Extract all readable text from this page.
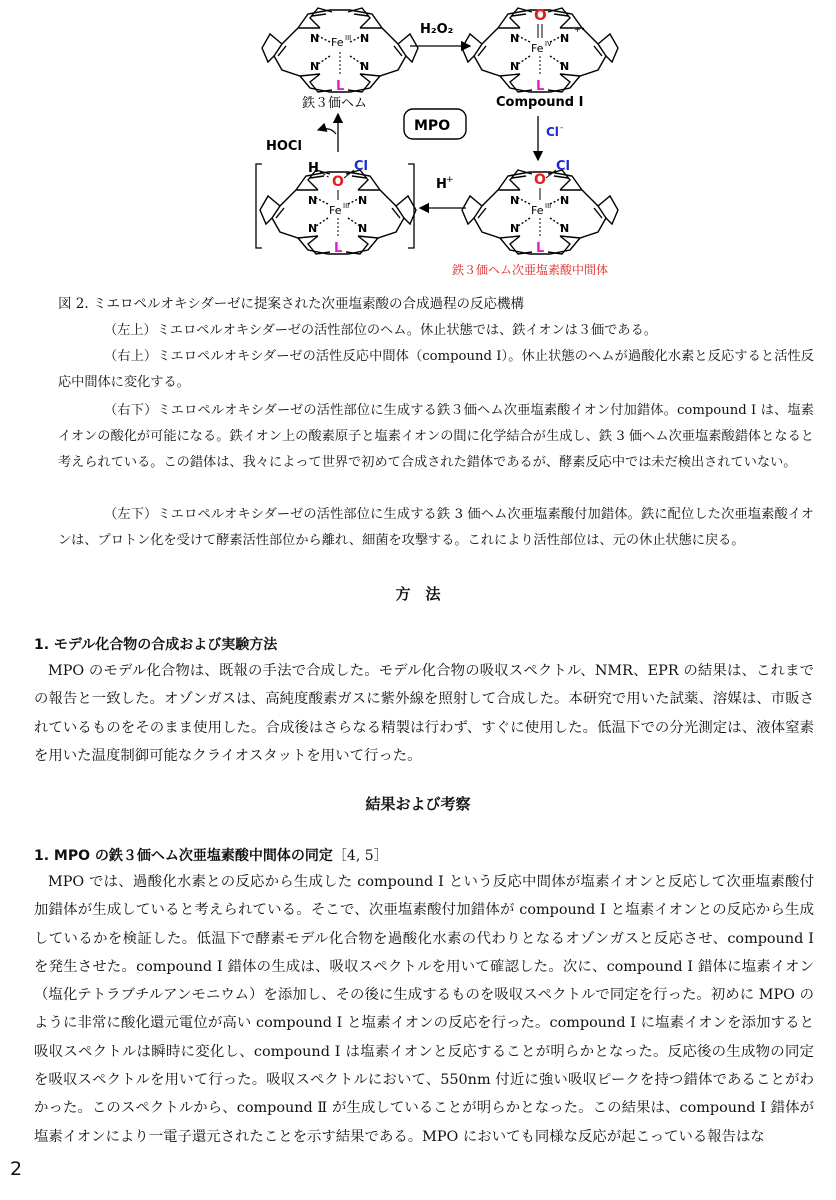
N	N
N	N
Fe III
L
鉄３価ヘム
H₂O₂
N	N
N	N
+•
O
Fe IV
L
Compound I
MPO	Cl -
N	N
N	N
O
Cl
Fe III
L
鉄３価ヘム次亜塩素酸中間体
H +
N	N
N	N
H
O
Cl
Fe III
L
HOCl
図 2. ミエロペルオキシダーゼに提案された次亜塩素酸の合成過程の反応機構
（左上）ミエロペルオキシダーゼの活性部位のヘム。休止状態では、鉄イオンは３価である。
（右上）ミエロペルオキシダーゼの活性反応中間体（compound Ⅰ）。休止状態のヘムが過酸化水素と反応すると活性反応中間体に変化する。
（右下）ミエロペルオキシダーゼの活性部位に生成する鉄３価ヘム次亜塩素酸イオン付加錯体。compound Ⅰ は、塩素イオンの酸化が可能になる。鉄イオン上の酸素原子と塩素イオンの間に化学結合が生成し、鉄 3 価ヘム次亜塩素酸錯体となると考えられている。この錯体は、我々によって世界で初めて合成された錯体であるが、酵素反応中では未だ検出されていない。
（左下）ミエロペルオキシダーゼの活性部位に生成する鉄 3 価ヘム次亜塩素酸付加錯体。鉄に配位した次亜塩素酸イオンは、プロトン化を受けて酵素活性部位から離れ、細菌を攻撃する。これにより活性部位は、元の休止状態に戻る。
方　法
1. モデル化合物の合成および実験方法
MPO のモデル化合物は、既報の手法で合成した。モデル化合物の吸収スペクトル、NMR、EPR の結果は、これまでの報告と一致した。オゾンガスは、高純度酸素ガスに紫外線を照射して合成した。本研究で用いた試薬、溶媒は、市販されているものをそのまま使用した。合成後はさらなる精製は行わず、すぐに使用した。低温下での分光測定は、液体窒素を用いた温度制御可能なクライオスタットを用いて行った。
結果および考察
1. MPO の鉄３価ヘム次亜塩素酸中間体の同定［4, 5］
MPO では、過酸化水素との反応から生成した compound Ⅰ という反応中間体が塩素イオンと反応して次亜塩素酸付加錯体が生成していると考えられている。そこで、次亜塩素酸付加錯体が compound Ⅰ と塩素イオンとの反応から生成しているかを検証した。低温下で酵素モデル化合物を過酸化水素の代わりとなるオゾンガスと反応させ、compound Ⅰ を発生させた。compound Ⅰ 錯体の生成は、吸収スペクトルを用いて確認した。次に、compound Ⅰ 錯体に塩素イオン（塩化テトラブチルアンモニウム）を添加し、その後に生成するものを吸収スペクトルで同定を行った。初めに MPO のように非常に酸化還元電位が高い compound Ⅰ と塩素イオンの反応を行った。compound Ⅰ に塩素イオンを添加すると吸収スペクトルは瞬時に変化し、compound Ⅰ は塩素イオンと反応することが明らかとなった。反応後の生成物の同定を吸収スペクトルを用いて行った。吸収スペクトルにおいて、550nm 付近に強い吸収ピークを持つ錯体であることがわかった。このスペクトルから、compound Ⅱ が生成していることが明らかとなった。この結果は、compound Ⅰ 錯体が塩素イオンにより一電子還元されたことを示す結果である。MPO においても同様な反応が起こっている報告はな
2
